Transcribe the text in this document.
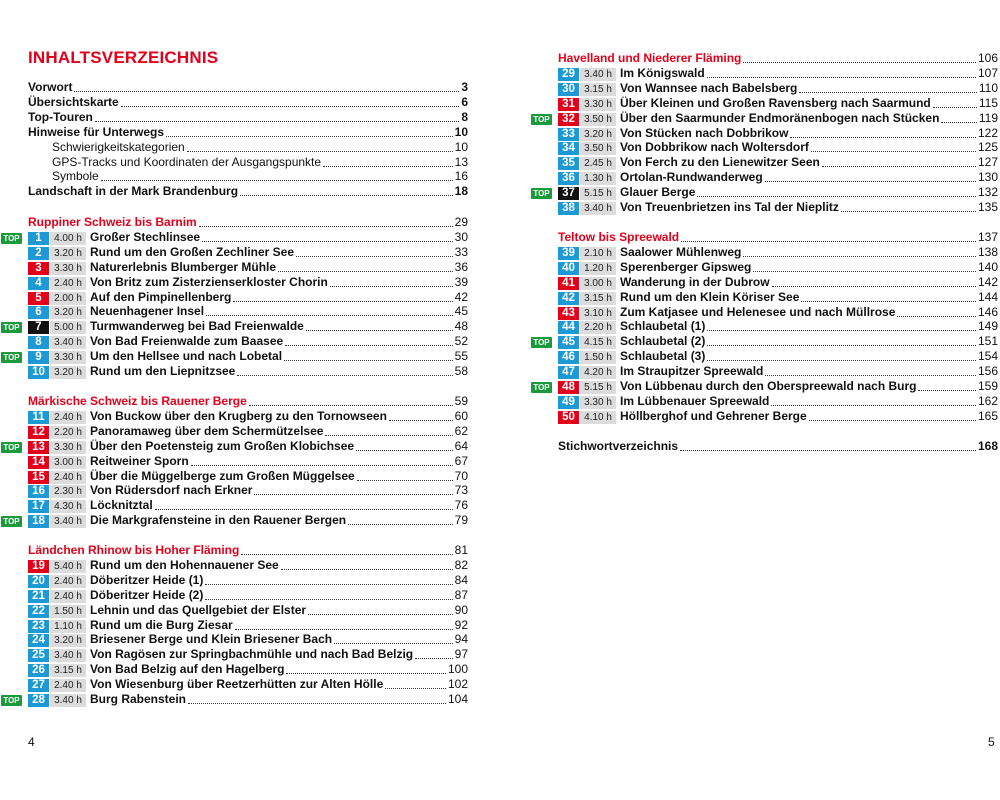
INHALTSVERZEICHNIS
Vorwort	3
Übersichtskarte	6
Top-Touren	8
Hinweise für Unterwegs	10
Schwierigkeitskategorien	10
GPS-Tracks und Koordinaten der Ausgangspunkte	13
Symbole	16
Landschaft in der Mark Brandenburg	18
Ruppiner Schweiz bis Barnim	29
TOP	1	4.00 h Großer Stechlinsee	30
2	3.20 h Rund um den Großen Zechliner See	33
3	3.30 h Naturerlebnis Blumberger Mühle	36
4	2.40 h Von Britz zum Zisterzienserkloster Chorin	39
5	2.00 h Auf den Pimpinellenberg	42
6	3.20 h Neuenhagener Insel	45
TOP	7	5.00 h Turmwanderweg bei Bad Freienwalde	48
8	3.40 h Von Bad Freienwalde zum Baasee	52
TOP	9	3.30 h Um den Hellsee und nach Lobetal	55
10 3.20 h Rund um den Liepnitzsee	58
Märkische Schweiz bis Rauener Berge	59
11 2.40 h Von Buckow über den Krugberg zu den Tornowseen	60
12 2.20 h Panoramaweg über dem Schermützelsee	62
TOP	13 3.30 h Über den Poetensteig zum Großen Klobichsee	64
14 3.00 h Reitweiner Sporn	67
15 2.40 h Über die Müggelberge zum Großen Müggelsee	70
16 2.30 h Von Rüdersdorf nach Erkner	73
17 4.30 h Löcknitztal	76
TOP	18 3.40 h Die Markgrafensteine in den Rauener Bergen	79
Ländchen Rhinow bis Hoher Fläming	81
19 5.40 h Rund um den Hohennauener See	82
20 2.40 h Döberitzer Heide (1)	84
21 2.40 h Döberitzer Heide (2)	87
22 1.50 h Lehnin und das Quellgebiet der Elster	90
23 1.10 h Rund um die Burg Ziesar	92
24 3.20 h Briesener Berge und Klein Briesener Bach	94
25 3.40 h Von Ragösen zur Springbachmühle und nach Bad Belzig	97
26 3.15 h Von Bad Belzig auf den Hagelberg	100
27 2.40 h Von Wiesenburg über Reetzerhütten zur Alten Hölle	102
TOP	28 3.40 h Burg Rabenstein	104
Havelland und Niederer Fläming	106
29 3.40 h Im Königswald	107
30 3.15 h Von Wannsee nach Babelsberg	110
31 3.30 h Über Kleinen und Großen Ravensberg nach Saarmund	115
TOP	32 3.50 h Über den Saarmunder Endmoränenbogen nach Stücken	119
33 3.20 h Von Stücken nach Dobbrikow	122
34 3.50 h Von Dobbrikow nach Woltersdorf	125
35 2.45 h Von Ferch zu den Lienewitzer Seen	127
36 1.30 h Ortolan-Rundwanderweg	130
TOP	37 5.15 h Glauer Berge	132
38 3.40 h Von Treuenbrietzen ins Tal der Nieplitz	135
Teltow bis Spreewald	137
39 2.10 h Saalower Mühlenweg	138
40 1.20 h Sperenberger Gipsweg	140
41 3.00 h Wanderung in der Dubrow	142
42 3.15 h Rund um den Klein Köriser See	144
43 3.10 h Zum Katjasee und Helenesee und nach Müllrose	146
44 2.20 h Schlaubetal (1)	149
TOP	45 4.15 h Schlaubetal (2)	151
46 1.50 h Schlaubetal (3)	154
47 4.20 h Im Straupitzer Spreewald	156
TOP	48 5.15 h Von Lübbenau durch den Oberspreewald nach Burg	159
49 3.30 h Im Lübbenauer Spreewald	162
50 4.10 h Höllberghof und Gehrener Berge	165
Stichwortverzeichnis	168
4	5
